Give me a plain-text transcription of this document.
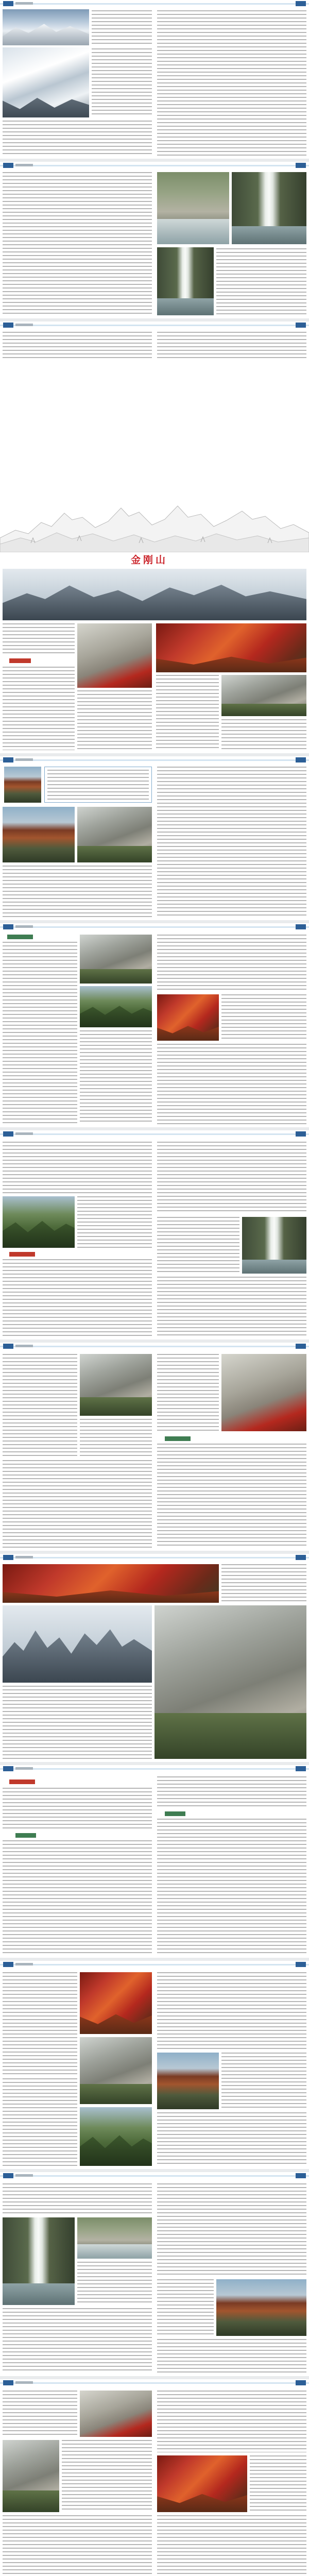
金刚山
